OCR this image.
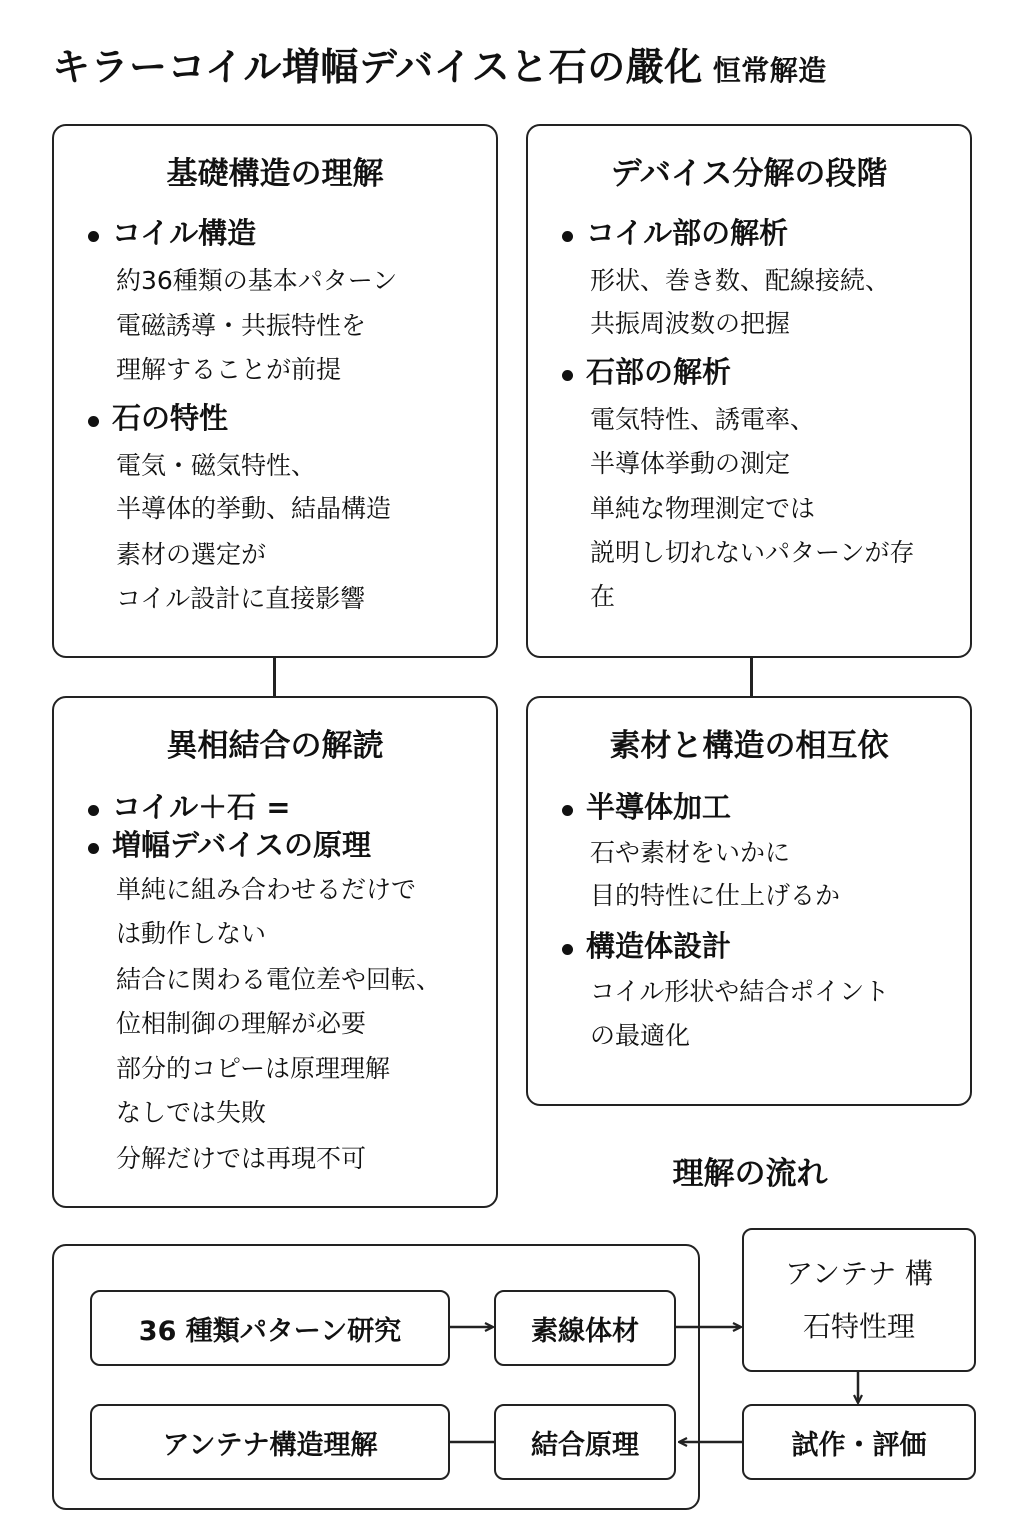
キラーコイル増幅デバイスと石の嚴化 恒常解造
基礎構造の理解
コイル構造
約36種類の基本パターン
電磁誘導・共振特性を
理解することが前提
石の特性
電気・磁気特性、
半導体的挙動、結晶構造
素材の選定が
コイル設計に直接影響
デバイス分解の段階
コイル部の解析
形状、巻き数、配線接続、
共振周波数の把握
石部の解析
電気特性、誘電率、
半導体挙動の測定
単純な物理測定では
説明し切れないパターンが存
在
異相結合の解読
コイル＋石 =
増幅デバイスの原理
単純に組み合わせるだけで
は動作しない
結合に関わる電位差や回転、
位相制御の理解が必要
部分的コピーは原理理解
なしでは失敗
分解だけでは再現不可
素材と構造の相互依
半導体加工
石や素材をいかに
目的特性に仕上げるか
構造体設計
コイル形状や結合ポイント
の最適化
理解の流れ
36 種類パターン研究	素線体材
アンテナ 構
石特性理
試作・評価
結合原理
アンテナ構造理解
